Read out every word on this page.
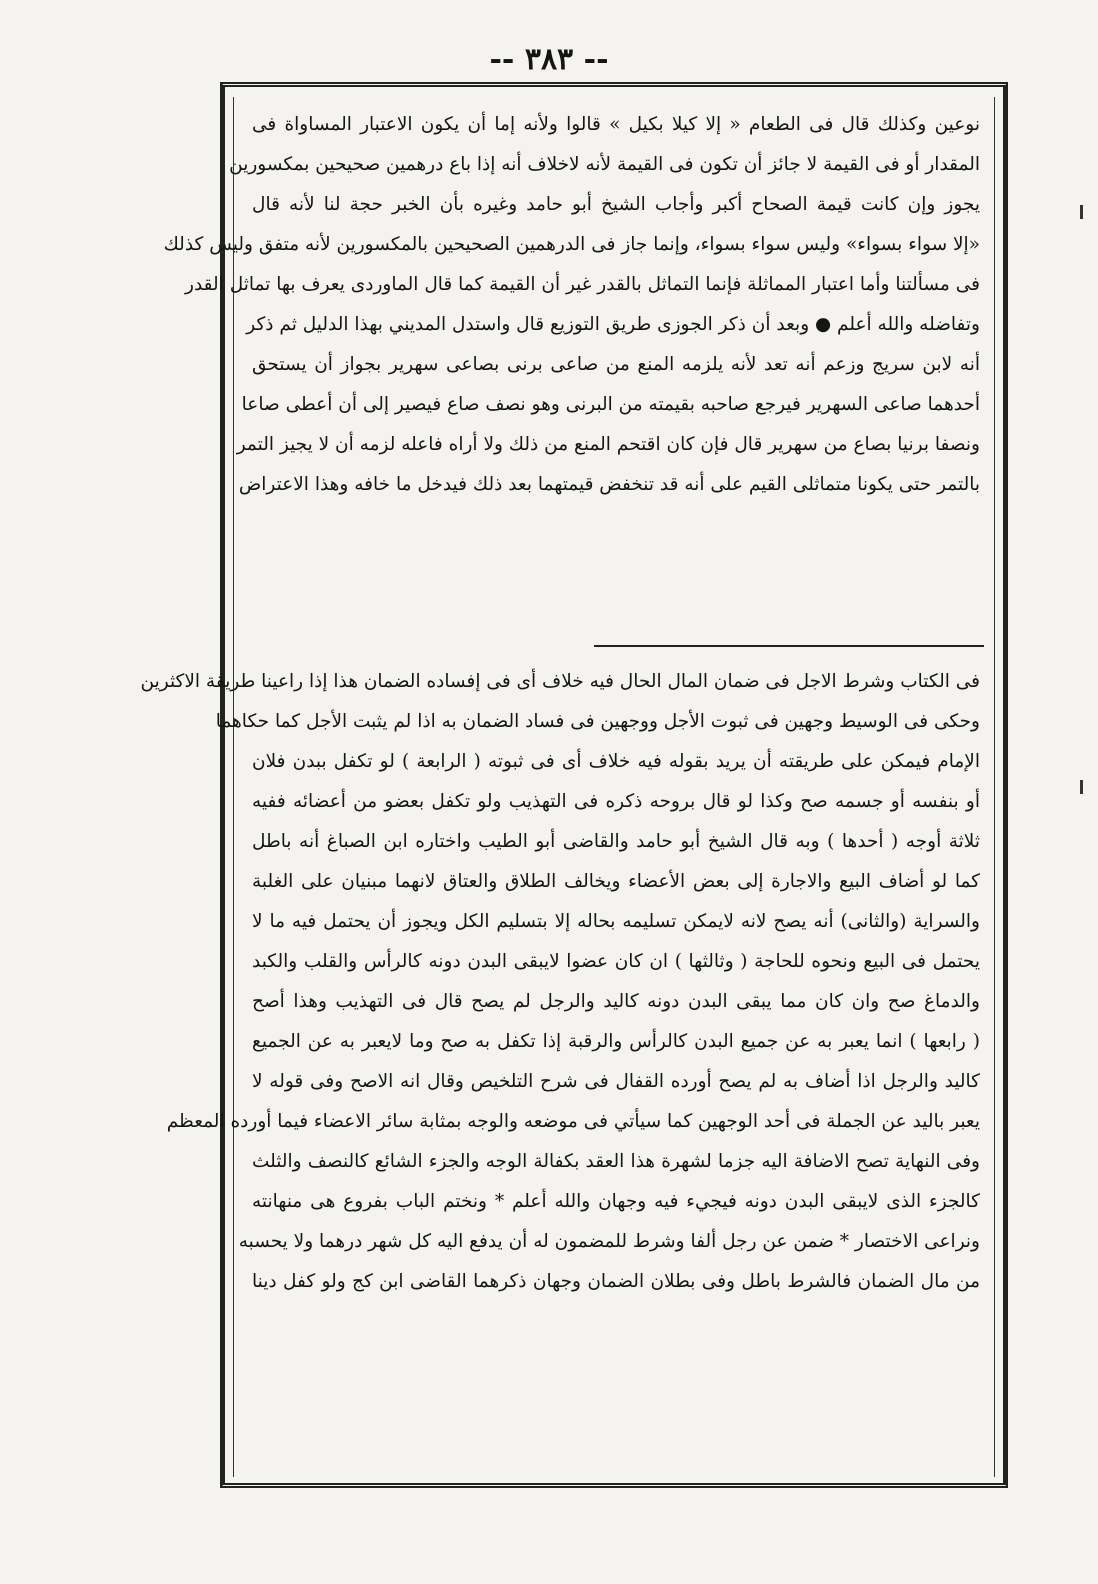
-- ٣٨٣ --

نوعين وكذلك قال فى الطعام « إلا كيلا بكيل » قالوا ولأنه إما أن يكون الاعتبار المساواة فى

المقدار أو فى القيمة لا جائز أن تكون فى القيمة لأنه لاخلاف أنه إذا باع درهمين صحيحين بمكسورين

يجوز وإن كانت قيمة الصحاح أكبر وأجاب الشيخ أبو حامد وغيره بأن الخبر حجة لنا لأنه قال

«إلا سواء بسواء» وليس سواء بسواء، وإنما جاز فى الدرهمين الصحيحين بالمكسورين لأنه متفق وليس كذلك

فى مسألتنا وأما اعتبار المماثلة فإنما التماثل بالقدر غير أن القيمة كما قال الماوردى يعرف بها تماثل القدر

وتفاضله والله أعلم ● وبعد أن ذكر الجوزى طريق التوزيع قال واستدل المديني بهذا الدليل ثم ذكر

أنه لابن سريج وزعم أنه تعد لأنه يلزمه المنع من صاعى برنى بصاعى سهرير بجواز أن يستحق

أحدهما صاعى السهرير فيرجع صاحبه بقيمته من البرنى وهو نصف صاع فيصير إلى أن أعطى صاعا

ونصفا برنيا بصاع من سهرير قال فإن كان اقتحم المنع من ذلك ولا أراه فاعله لزمه أن لا يجيز التمر

بالتمر حتى يكونا متماثلى القيم على أنه قد تنخفض قيمتهما بعد ذلك فيدخل ما خافه وهذا الاعتراض

فى الكتاب وشرط الاجل فى ضمان المال الحال فيه خلاف أى فى إفساده الضمان هذا إذا راعينا طريقة الاكثرين

وحكى فى الوسيط وجهين فى ثبوت الأجل ووجهين فى فساد الضمان به اذا لم يثبت الأجل كما حكاهما

الإمام فيمكن على طريقته أن يريد بقوله فيه خلاف أى فى ثبوته ( الرابعة ) لو تكفل ببدن فلان

أو بنفسه أو جسمه صح وكذا لو قال بروحه ذكره فى التهذيب ولو تكفل بعضو من أعضائه ففيه

ثلاثة أوجه ( أحدها ) وبه قال الشيخ أبو حامد والقاضى أبو الطيب واختاره ابن الصباغ أنه باطل

كما لو أضاف البيع والاجارة إلى بعض الأعضاء ويخالف الطلاق والعتاق لانهما مبنيان على الغلبة

والسراية (والثانى) أنه يصح لانه لايمكن تسليمه بحاله إلا بتسليم الكل ويجوز أن يحتمل فيه ما لا

يحتمل فى البيع ونحوه للحاجة ( وثالثها ) ان كان عضوا لايبقى البدن دونه كالرأس والقلب والكبد

والدماغ صح وان كان مما يبقى البدن دونه كاليد والرجل لم يصح قال فى التهذيب وهذا أصح

( رابعها ) انما يعبر به عن جميع البدن كالرأس والرقبة إذا تكفل به صح وما لايعبر به عن الجميع

كاليد والرجل اذا أضاف به لم يصح أورده القفال فى شرح التلخيص وقال انه الاصح وفى قوله لا

يعبر باليد عن الجملة فى أحد الوجهين كما سيأتي فى موضعه والوجه بمثابة سائر الاعضاء فيما أورده المعظم

وفى النهاية تصح الاضافة اليه جزما لشهرة هذا العقد بكفالة الوجه والجزء الشائع كالنصف والثلث

كالجزء الذى لايبقى البدن دونه فيجيء فيه وجهان والله أعلم * ونختم الباب بفروع هى منهانته

ونراعى الاختصار * ضمن عن رجل ألفا وشرط للمضمون له أن يدفع اليه كل شهر درهما ولا يحسبه

من مال الضمان فالشرط باطل وفى بطلان الضمان وجهان ذكرهما القاضى ابن كج ولو كفل دينا
